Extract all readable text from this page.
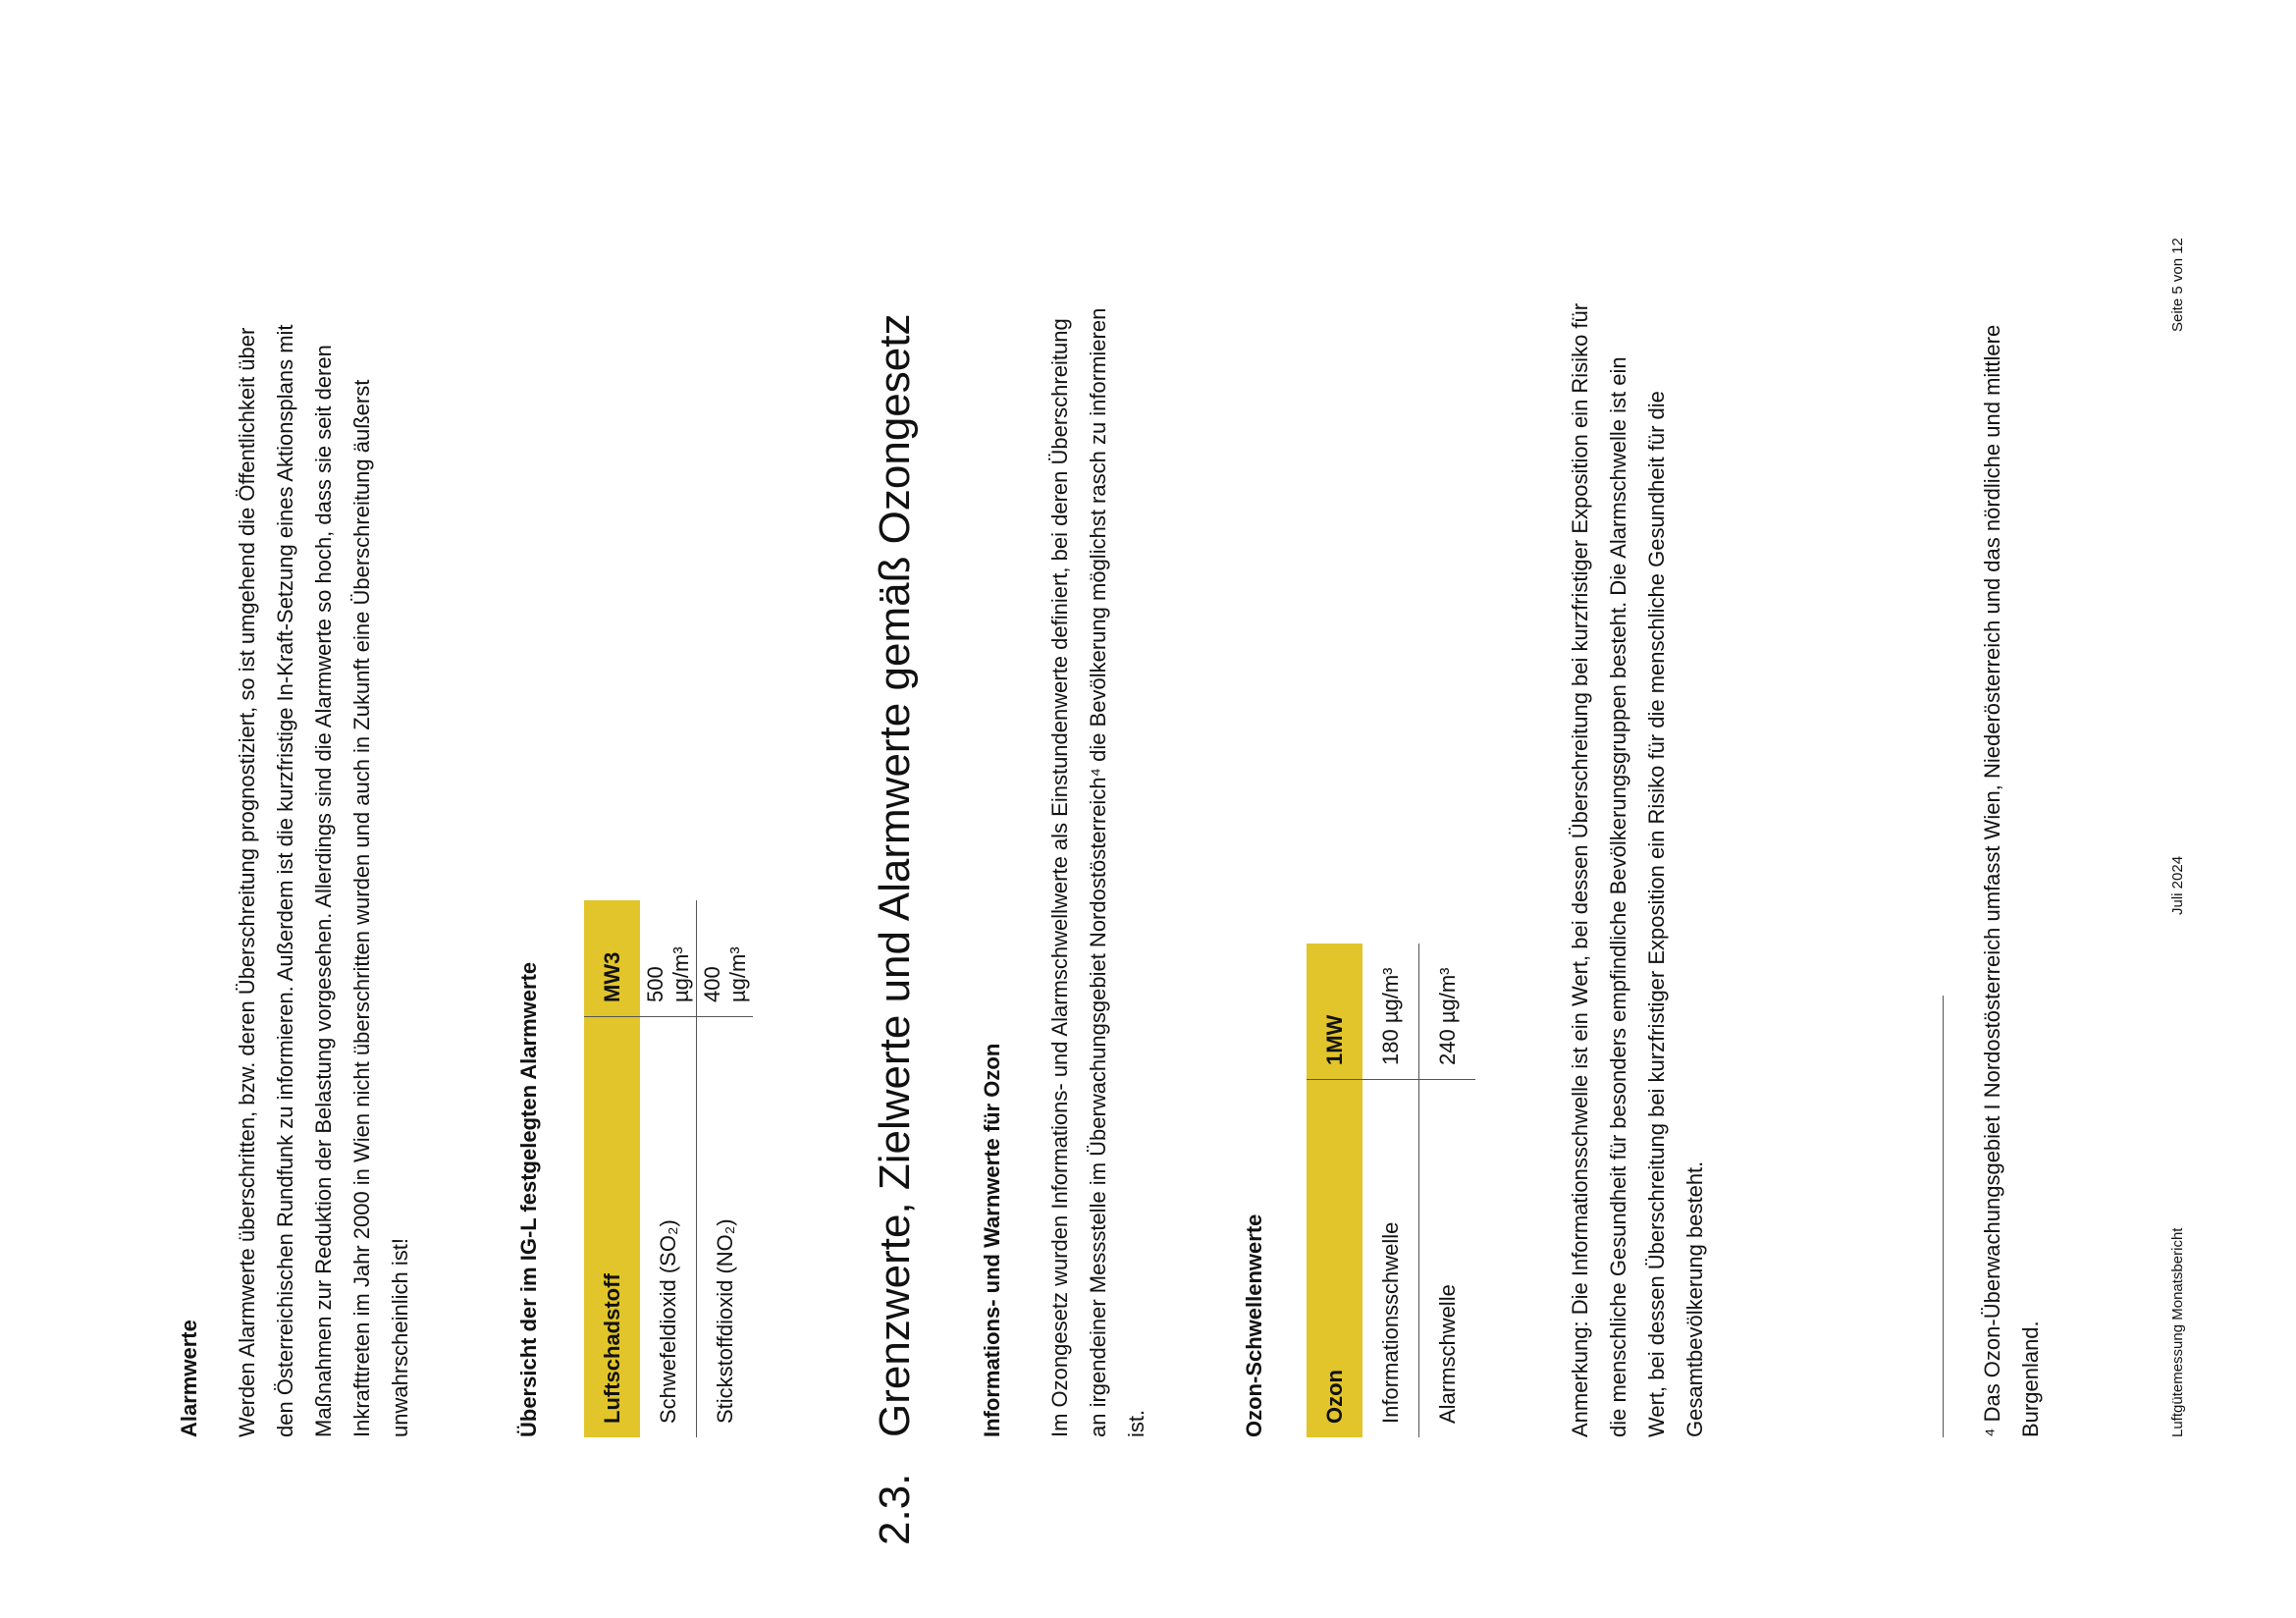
Alarmwerte	Werden Alarmwerte überschritten, bzw. deren Überschreitung prognostiziert, so ist umgehend die Öffentlichkeit über den Österreichischen Rundfunk zu informieren. Außerdem ist die kurzfristige In-Kraft-Setzung eines Aktionsplans mit Maßnahmen zur Reduktion der Belastung vorgesehen. Allerdings sind die Alarmwerte so hoch, dass sie seit deren Inkrafttreten im Jahr 2000 in Wien nicht überschritten wurden und auch in Zukunft eine Überschreitung äußerst unwahrscheinlich ist!	Übersicht der im IG-L festgelegten Alarmwerte	Luftschadstoff	MW3
Schwefeldioxid (SO₂)	500 µg/m³
Stickstoffdioxid (NO₂)	400 µg/m³
2.3.
Grenzwerte, Zielwerte und Alarmwerte gemäß Ozongesetz	Informations- und Warnwerte für Ozon	Im Ozongesetz wurden Informations- und Alarmschwellwerte als Einstundenwerte definiert, bei deren Überschreitung an irgendeiner Messstelle im Überwachungsgebiet Nordostösterreich⁴ die Bevölkerung möglichst rasch zu informieren ist.	Ozon-Schwellenwerte	Ozon	1MW
Informationsschwelle	180 µg/m³
Alarmschwelle	240 µg/m³	Anmerkung: Die Informationsschwelle ist ein Wert, bei dessen Überschreitung bei kurzfristiger Exposition ein Risiko für die menschliche Gesundheit für besonders empfindliche Bevölkerungsgruppen besteht. Die Alarmschwelle ist ein Wert, bei dessen Überschreitung bei kurzfristiger Exposition ein Risiko für die menschliche Gesundheit für die Gesamtbevölkerung besteht.	⁴ Das Ozon-Überwachungsgebiet I Nordostösterreich umfasst Wien, Niederösterreich und das nördliche und mittlere Burgenland.	Luftgütemessung Monatsbericht
Juli 2024
Seite 5 von 12
